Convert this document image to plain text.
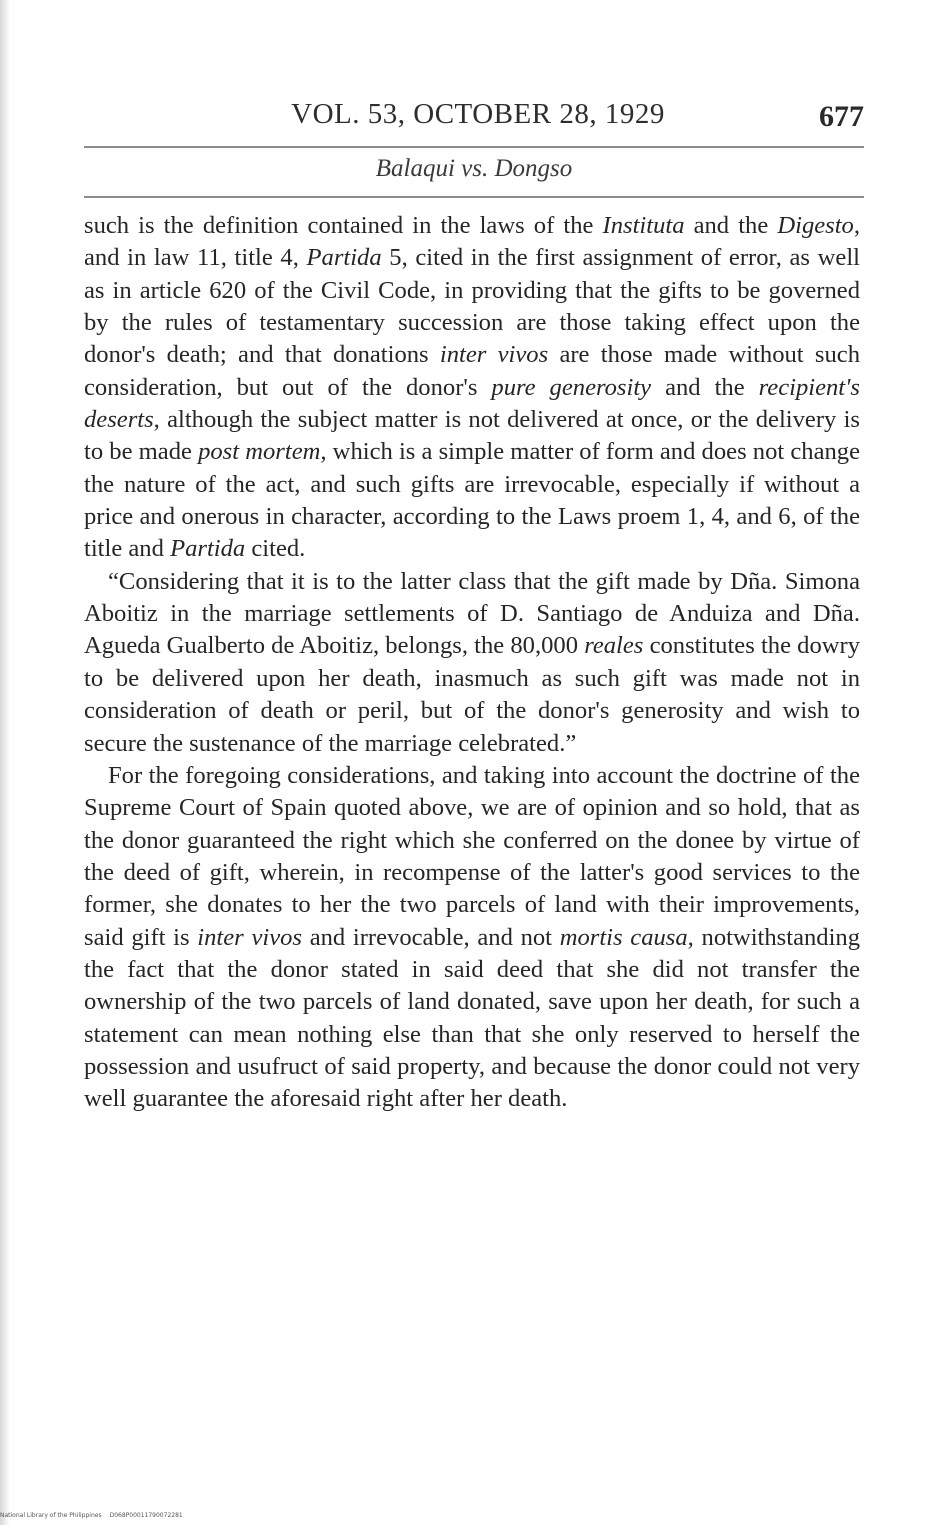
VOL. 53, OCTOBER 28, 1929	677
Balaqui vs. Dongso

such is the definition contained in the laws of the Instituta and the Digesto, and in law 11, title 4, Partida 5, cited in the first assignment of error, as well as in article 620 of the Civil Code, in providing that the gifts to be governed by the rules of testamentary succession are those taking effect upon the donor's death; and that donations inter vivos are those made without such consideration, but out of the donor's pure generosity and the recipient's deserts, although the subject matter is not delivered at once, or the delivery is to be made post mortem, which is a simple matter of form and does not change the nature of the act, and such gifts are irrevocable, especially if without a price and onerous in character, according to the Laws proem 1, 4, and 6, of the title and Partida cited.

“Considering that it is to the latter class that the gift made by Dña. Simona Aboitiz in the marriage settlements of D. Santiago de Anduiza and Dña. Agueda Gualberto de Aboitiz, belongs, the 80,000 reales constitutes the dowry to be delivered upon her death, inasmuch as such gift was made not in consideration of death or peril, but of the donor's generosity and wish to secure the sustenance of the marriage celebrated.”

For the foregoing considerations, and taking into account the doctrine of the Supreme Court of Spain quoted above, we are of opinion and so hold, that as the donor guaranteed the right which she conferred on the donee by virtue of the deed of gift, wherein, in recompense of the latter's good services to the former, she donates to her the two parcels of land with their improvements, said gift is inter vivos and irrevocable, and not mortis causa, notwithstanding the fact that the donor stated in said deed that she did not transfer the ownership of the two parcels of land donated, save upon her death, for such a statement can mean nothing else than that she only reserved to herself the possession and usufruct of said property, and because the donor could not very well guarantee the aforesaid right after her death.

National Library of the Philippines D068P00011790072281
